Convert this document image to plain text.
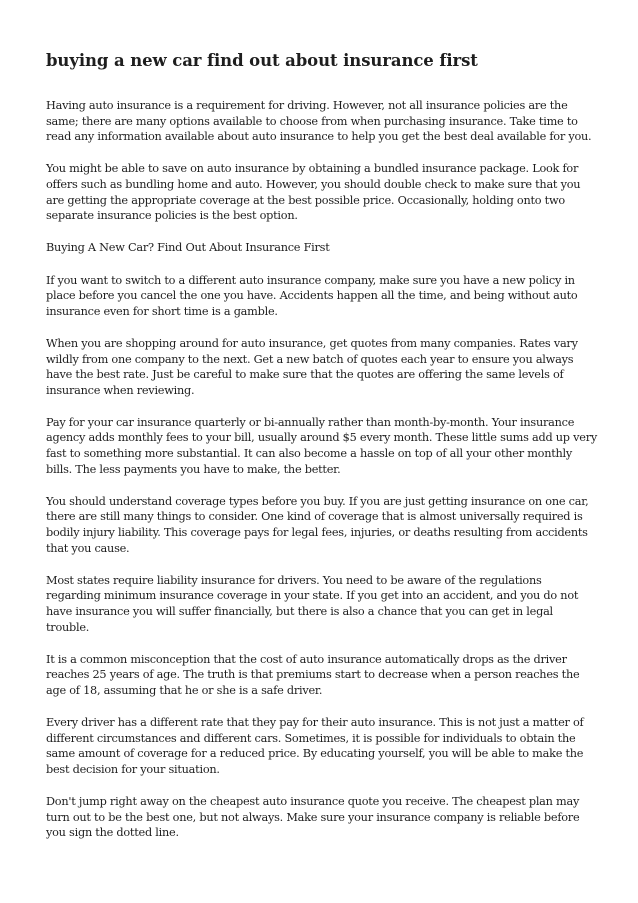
buying a new car find out about insurance first

Having auto insurance is a requirement for driving. However, not all insurance policies are the same; there are many options available to choose from when purchasing insurance. Take time to read any information available about auto insurance to help you get the best deal available for you.

You might be able to save on auto insurance by obtaining a bundled insurance package. Look for offers such as bundling home and auto. However, you should double check to make sure that you are getting the appropriate coverage at the best possible price. Occasionally, holding onto two separate insurance policies is the best option.

Buying A New Car? Find Out About Insurance First

If you want to switch to a different auto insurance company, make sure you have a new policy in place before you cancel the one you have. Accidents happen all the time, and being without auto insurance even for short time is a gamble.

When you are shopping around for auto insurance, get quotes from many companies. Rates vary wildly from one company to the next. Get a new batch of quotes each year to ensure you always have the best rate. Just be careful to make sure that the quotes are offering the same levels of insurance when reviewing.

Pay for your car insurance quarterly or bi-annually rather than month-by-month. Your insurance agency adds monthly fees to your bill, usually around $5 every month. These little sums add up very fast to something more substantial. It can also become a hassle on top of all your other monthly bills. The less payments you have to make, the better.

You should understand coverage types before you buy. If you are just getting insurance on one car, there are still many things to consider. One kind of coverage that is almost universally required is bodily injury liability. This coverage pays for legal fees, injuries, or deaths resulting from accidents that you cause.

Most states require liability insurance for drivers. You need to be aware of the regulations regarding minimum insurance coverage in your state. If you get into an accident, and you do not have insurance you will suffer financially, but there is also a chance that you can get in legal trouble.

It is a common misconception that the cost of auto insurance automatically drops as the driver reaches 25 years of age. The truth is that premiums start to decrease when a person reaches the age of 18, assuming that he or she is a safe driver.

Every driver has a different rate that they pay for their auto insurance. This is not just a matter of different circumstances and different cars. Sometimes, it is possible for individuals to obtain the same amount of coverage for a reduced price. By educating yourself, you will be able to make the best decision for your situation.

Don't jump right away on the cheapest auto insurance quote you receive. The cheapest plan may turn out to be the best one, but not always. Make sure your insurance company is reliable before you sign the dotted line.
